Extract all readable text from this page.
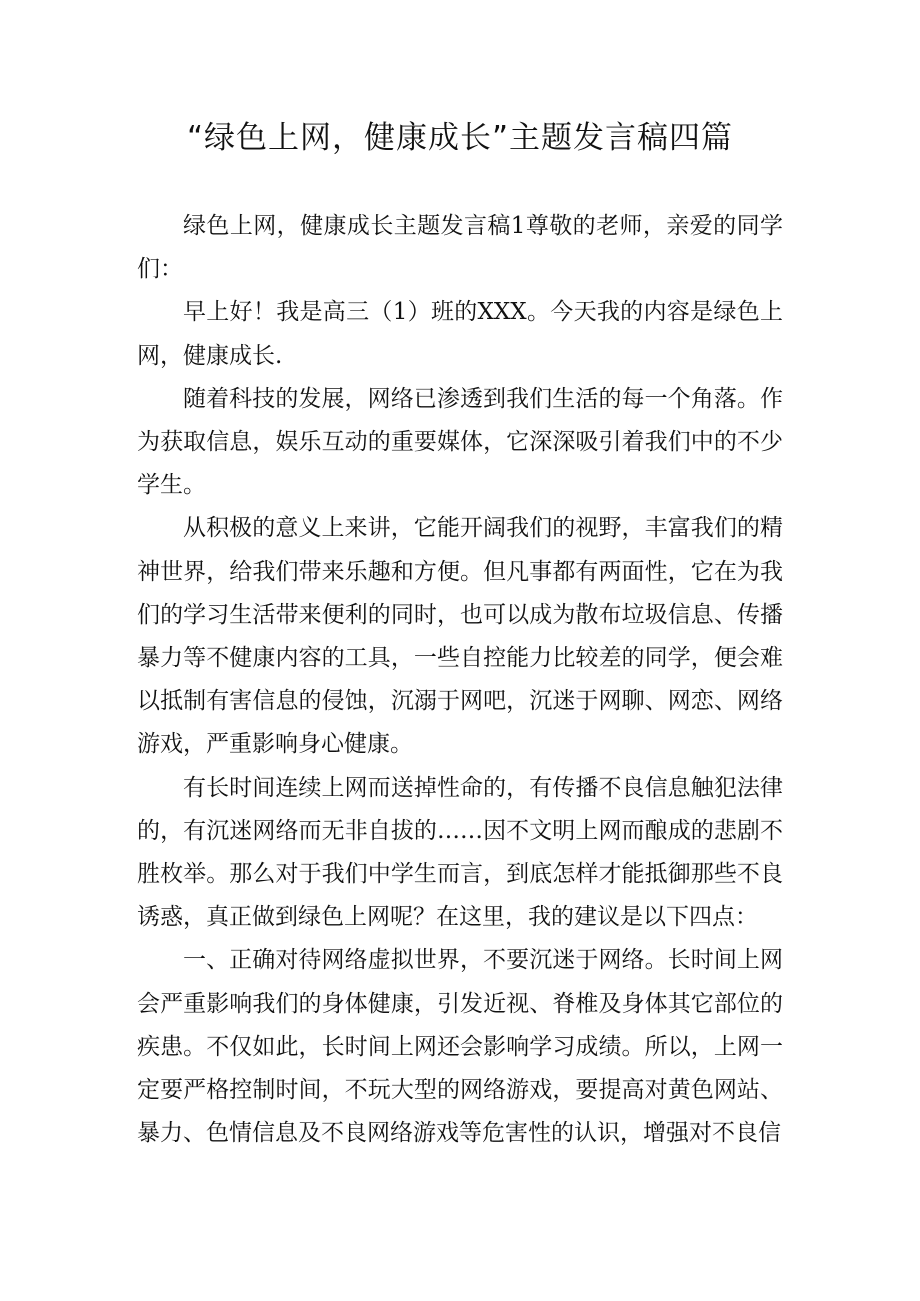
“绿色上网，健康成长”主题发言稿四篇

绿色上网，健康成长主题发言稿1尊敬的老师，亲爱的同学们：

早上好！我是高三（1）班的XXX。今天我的内容是绿色上网，健康成长.

随着科技的发展，网络已渗透到我们生活的每一个角落。作为获取信息，娱乐互动的重要媒体，它深深吸引着我们中的不少学生。

从积极的意义上来讲，它能开阔我们的视野，丰富我们的精神世界，给我们带来乐趣和方便。但凡事都有两面性，它在为我们的学习生活带来便利的同时，也可以成为散布垃圾信息、传播暴力等不健康内容的工具，一些自控能力比较差的同学，便会难以抵制有害信息的侵蚀，沉溺于网吧，沉迷于网聊、网恋、网络游戏，严重影响身心健康。

有长时间连续上网而送掉性命的，有传播不良信息触犯法律的，有沉迷网络而无非自拔的……因不文明上网而酿成的悲剧不胜枚举。那么对于我们中学生而言，到底怎样才能抵御那些不良诱惑，真正做到绿色上网呢？在这里，我的建议是以下四点：

一、正确对待网络虚拟世界，不要沉迷于网络。长时间上网会严重影响我们的身体健康，引发近视、脊椎及身体其它部位的疾患。不仅如此，长时间上网还会影响学习成绩。所以，上网一定要严格控制时间，不玩大型的网络游戏，要提高对黄色网站、暴力、色情信息及不良网络游戏等危害性的认识，增强对不良信
